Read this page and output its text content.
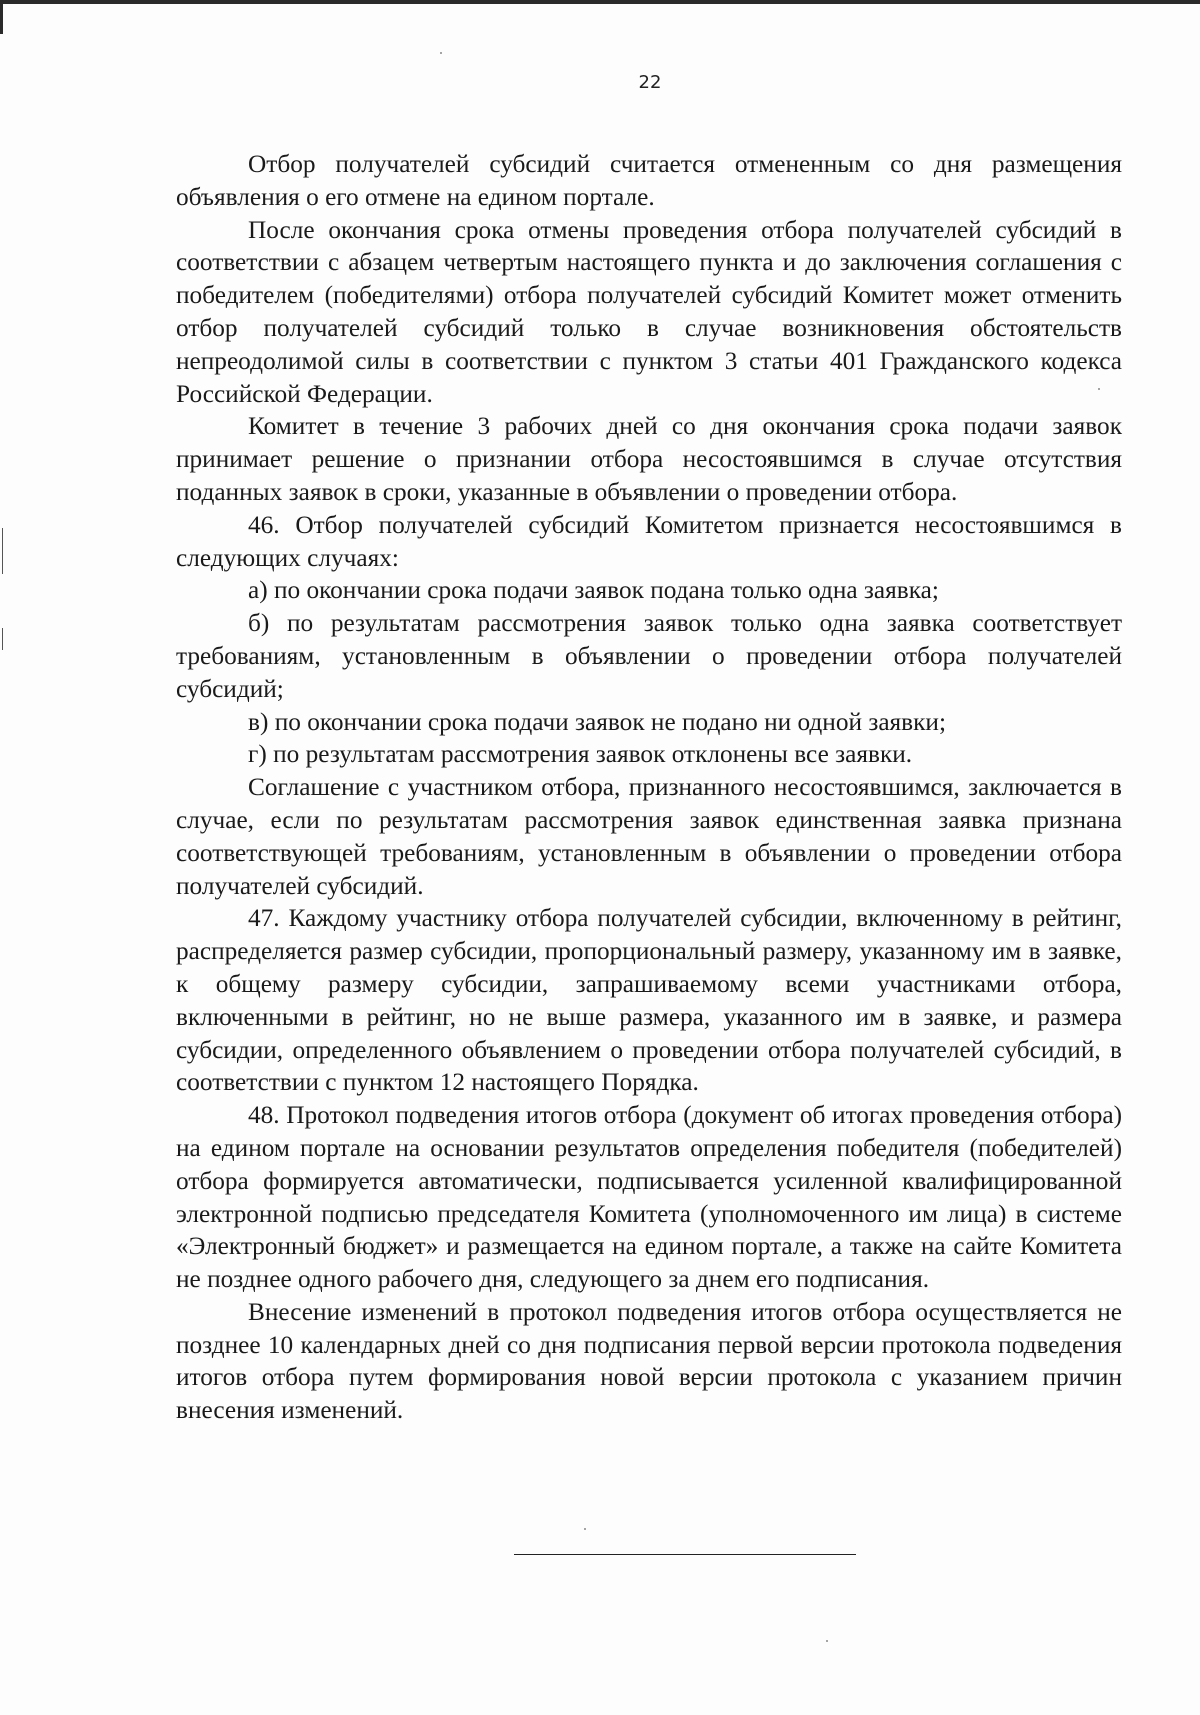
22

Отбор получателей субсидий считается отмененным со дня размещения объявления о его отмене на едином портале.

После окончания срока отмены проведения отбора получателей субсидий в соответствии с абзацем четвертым настоящего пункта и до заключения соглашения с победителем (победителями) отбора получателей субсидий Комитет может отменить отбор получателей субсидий только в случае возникновения обстоятельств непреодолимой силы в соответствии с пунктом 3 статьи 401 Гражданского кодекса Российской Федерации.

Комитет в течение 3 рабочих дней со дня окончания срока подачи заявок принимает решение о признании отбора несостоявшимся в случае отсутствия поданных заявок в сроки, указанные в объявлении о проведении отбора.

46. Отбор получателей субсидий Комитетом признается несостоявшимся в следующих случаях:

а) по окончании срока подачи заявок подана только одна заявка;

б) по результатам рассмотрения заявок только одна заявка соответствует требованиям, установленным в объявлении о проведении отбора получателей субсидий;

в) по окончании срока подачи заявок не подано ни одной заявки;

г) по результатам рассмотрения заявок отклонены все заявки.

Соглашение с участником отбора, признанного несостоявшимся, заключается в случае, если по результатам рассмотрения заявок единственная заявка признана соответствующей требованиям, установленным в объявлении о проведении отбора получателей субсидий.

47. Каждому участнику отбора получателей субсидии, включенному в рейтинг, распределяется размер субсидии, пропорциональный размеру, указанному им в заявке, к общему размеру субсидии, запрашиваемому всеми участниками отбора, включенными в рейтинг, но не выше размера, указанного им в заявке, и размера субсидии, определенного объявлением о проведении отбора получателей субсидий, в соответствии с пунктом 12 настоящего Порядка.

48. Протокол подведения итогов отбора (документ об итогах проведения отбора) на едином портале на основании результатов определения победителя (победителей) отбора формируется автоматически, подписывается усиленной квалифицированной электронной подписью председателя Комитета (уполномоченного им лица) в системе «Электронный бюджет» и размещается на едином портале, а также на сайте Комитета не позднее одного рабочего дня, следующего за днем его подписания.

Внесение изменений в протокол подведения итогов отбора осуществляется не позднее 10 календарных дней со дня подписания первой версии протокола подведения итогов отбора путем формирования новой версии протокола с указанием причин внесения изменений.
